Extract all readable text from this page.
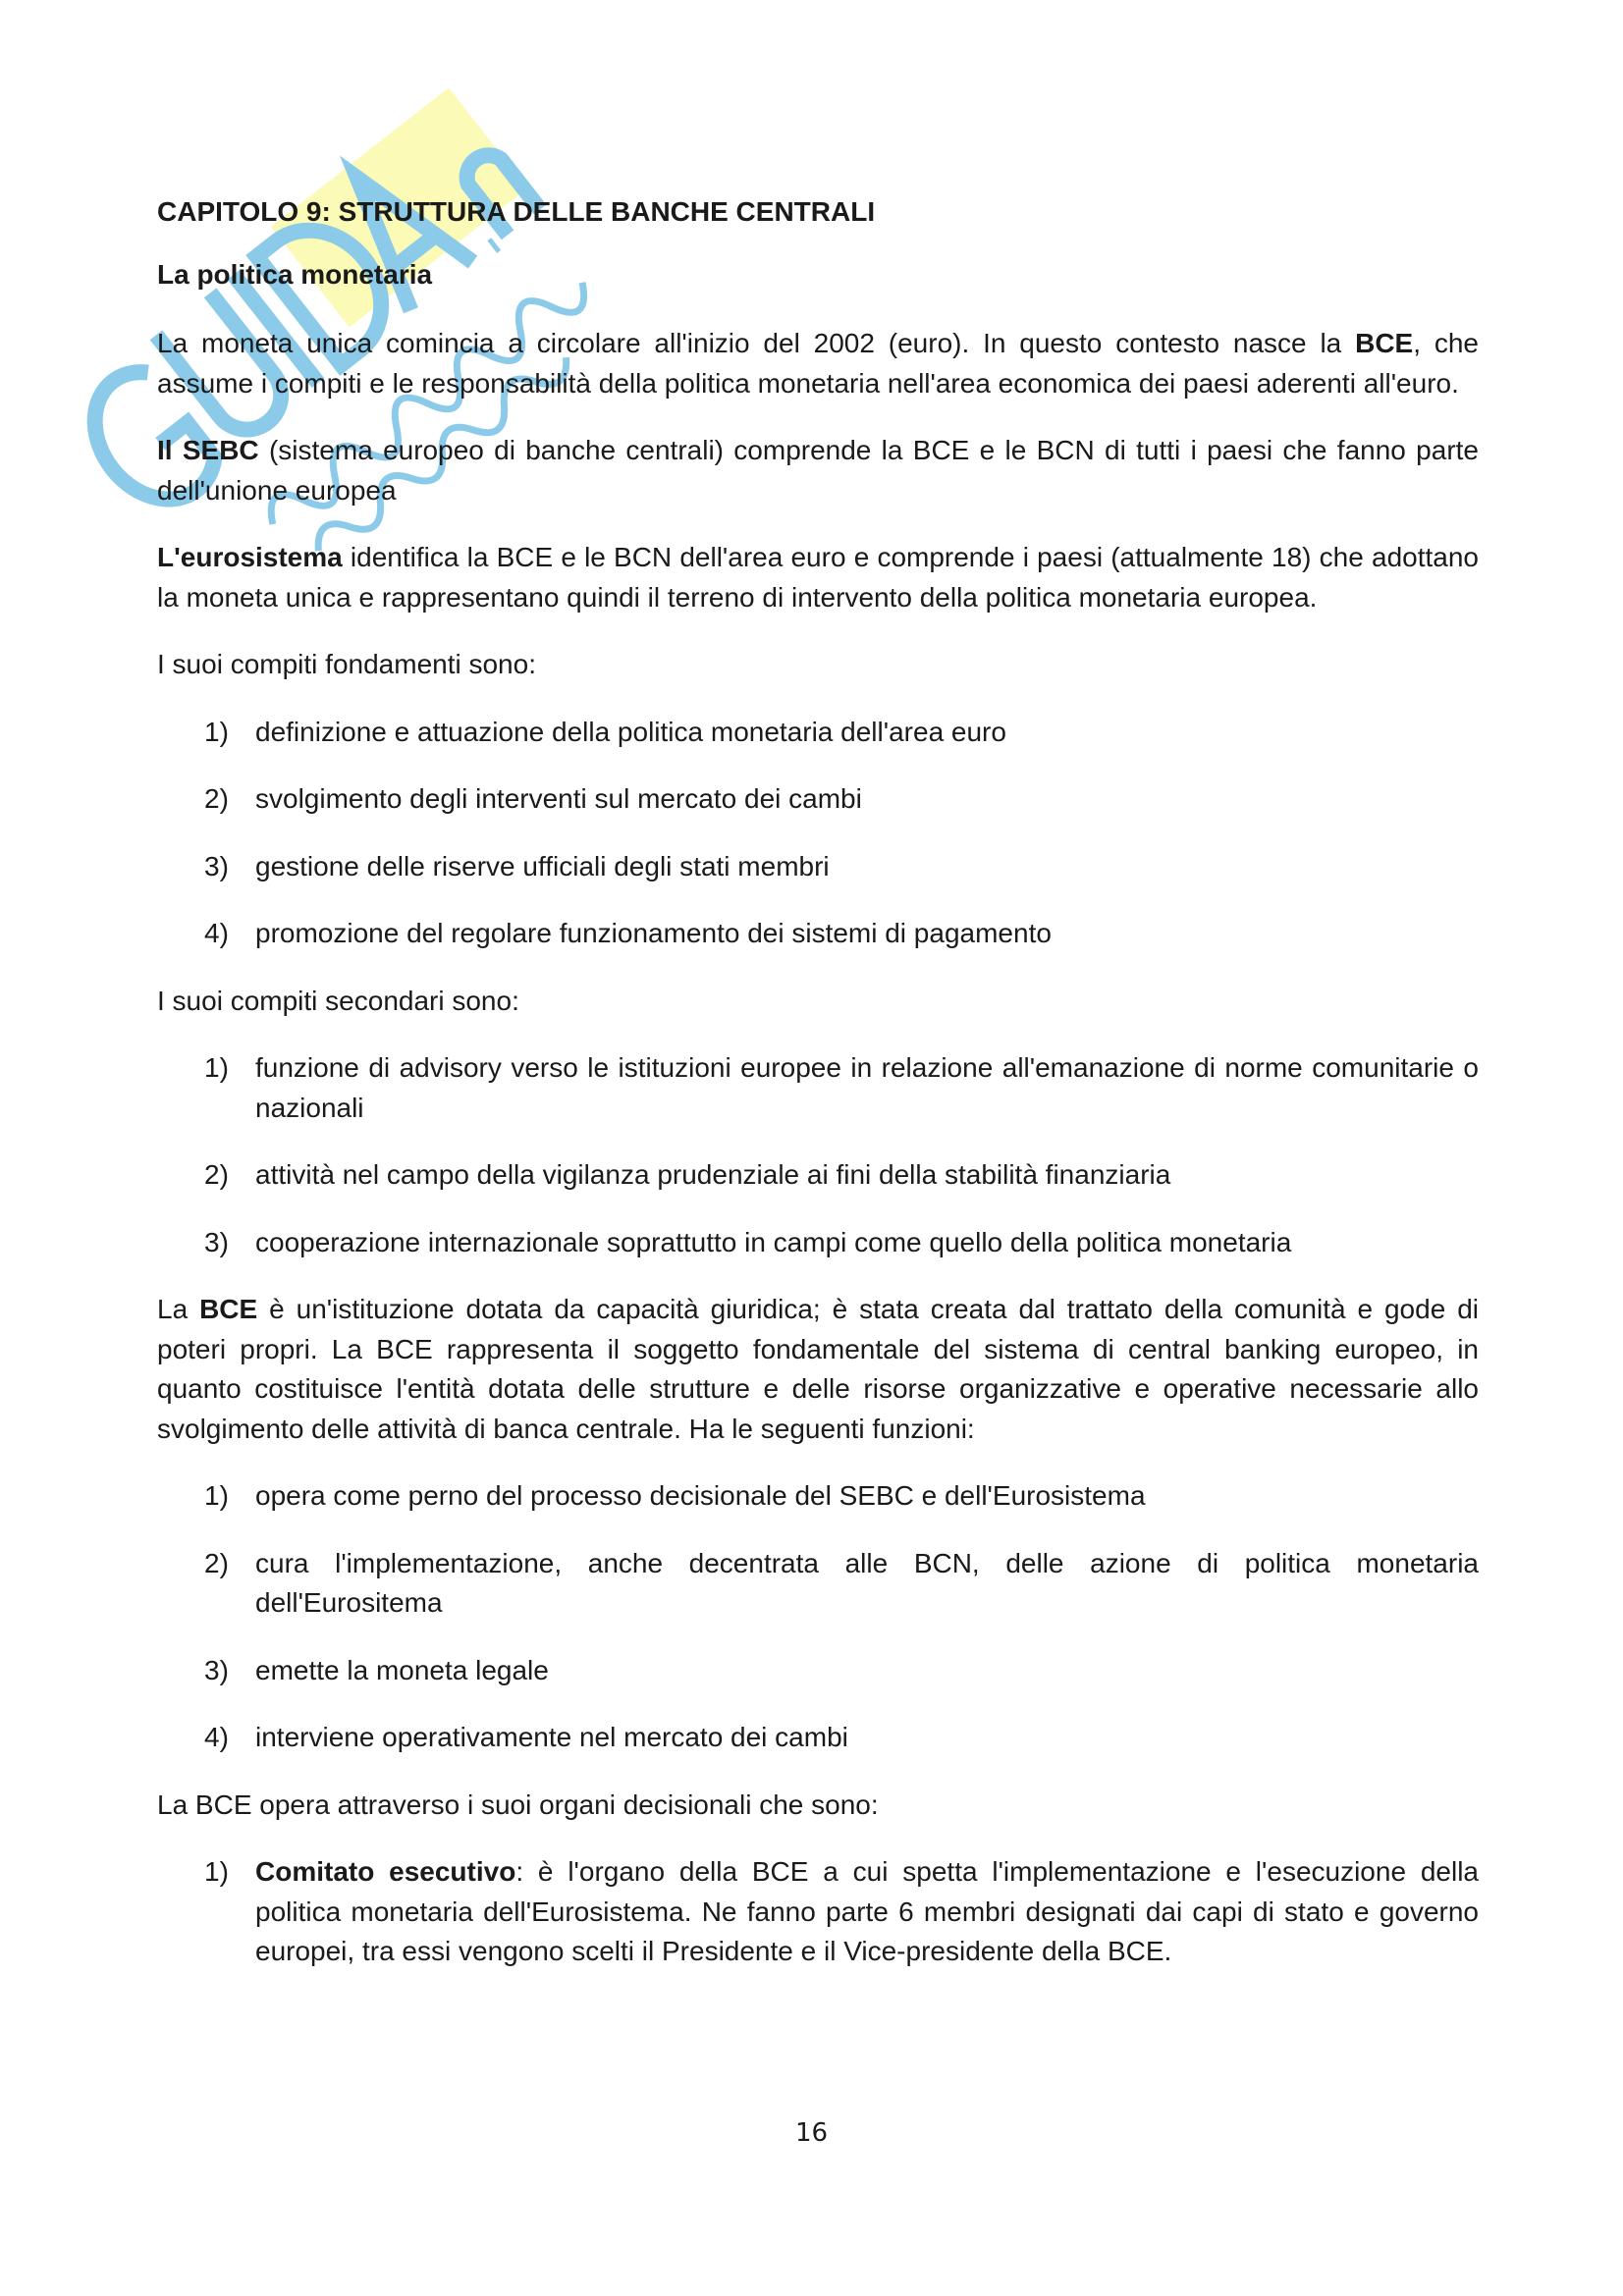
CAPITOLO 9: STRUTTURA DELLE BANCHE CENTRALI
La politica monetaria

La moneta unica comincia a circolare all'inizio del 2002 (euro). In questo contesto nasce la BCE, che assume i compiti e le responsabilità della politica monetaria nell'area economica dei paesi aderenti all'euro.

Il SEBC (sistema europeo di banche centrali) comprende la BCE e le BCN di tutti i paesi che fanno parte dell'unione europea

L'eurosistema identifica la BCE e le BCN dell'area euro e comprende i paesi (attualmente 18) che adottano la moneta unica e rappresentano quindi il terreno di intervento della politica monetaria europea.

I suoi compiti fondamenti sono:

1) definizione e attuazione della politica monetaria dell'area euro
2) svolgimento degli interventi sul mercato dei cambi
3) gestione delle riserve ufficiali degli stati membri
4) promozione del regolare funzionamento dei sistemi di pagamento

I suoi compiti secondari sono:

1) funzione di advisory verso le istituzioni europee in relazione all'emanazione di norme comunitarie o nazionali
2) attività nel campo della vigilanza prudenziale ai fini della stabilità finanziaria
3) cooperazione internazionale soprattutto in campi come quello della politica monetaria

La BCE è un'istituzione dotata da capacità giuridica; è stata creata dal trattato della comunità e gode di poteri propri. La BCE rappresenta il soggetto fondamentale del sistema di central banking europeo, in quanto costituisce l'entità dotata delle strutture e delle risorse organizzative e operative necessarie allo svolgimento delle attività di banca centrale. Ha le seguenti funzioni:

1) opera come perno del processo decisionale del SEBC e dell'Eurosistema
2) cura l'implementazione, anche decentrata alle BCN, delle azione di politica monetaria dell'Eurositema
3) emette la moneta legale
4) interviene operativamente nel mercato dei cambi

La BCE opera attraverso i suoi organi decisionali che sono:

1) Comitato esecutivo: è l'organo della BCE a cui spetta l'implementazione e l'esecuzione della politica monetaria dell'Eurosistema. Ne fanno parte 6 membri designati dai capi di stato e governo europei, tra essi vengono scelti il Presidente e il Vice-presidente della BCE.
16
